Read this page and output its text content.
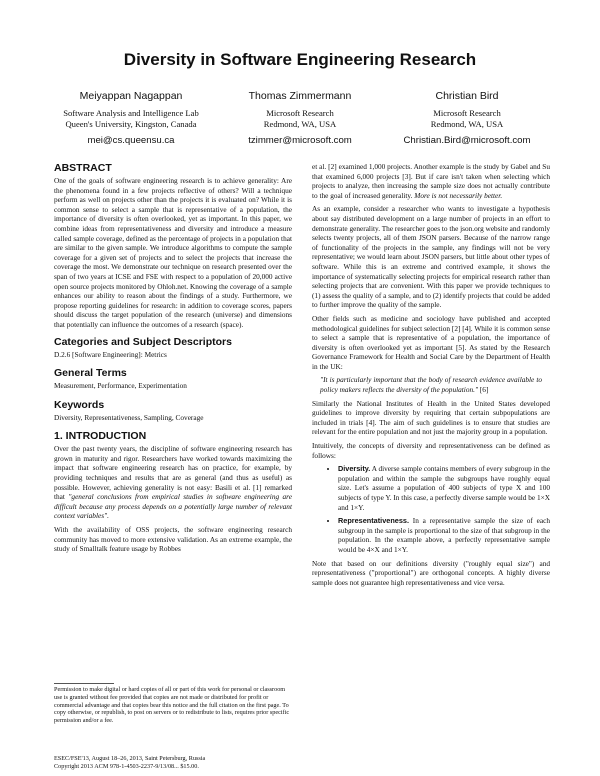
Diversity in Software Engineering Research
Meiyappan Nagappan
Software Analysis and Intelligence Lab
Queen's University, Kingston, Canada
mei@cs.queensu.ca
Thomas Zimmermann
Microsoft Research
Redmond, WA, USA
tzimmer@microsoft.com
Christian Bird
Microsoft Research
Redmond, WA, USA
Christian.Bird@microsoft.com
ABSTRACT

One of the goals of software engineering research is to achieve generality: Are the phenomena found in a few projects reflective of others? Will a technique perform as well on projects other than the projects it is evaluated on? While it is common sense to select a sample that is representative of a population, the importance of diversity is often overlooked, yet as important. In this paper, we combine ideas from representativeness and diversity and introduce a measure called sample coverage, defined as the percentage of projects in a population that are similar to the given sample. We introduce algorithms to compute the sample coverage for a given set of projects and to select the projects that increase the coverage the most. We demonstrate our technique on research presented over the span of two years at ICSE and FSE with respect to a population of 20,000 active open source projects monitored by Ohloh.net. Knowing the coverage of a sample enhances our ability to reason about the findings of a study. Furthermore, we propose reporting guidelines for research: in addition to coverage scores, papers should discuss the target population of the research (universe) and dimensions that potentially can influence the outcomes of a research (space).

Categories and Subject Descriptors

D.2.6 [Software Engineering]: Metrics

General Terms

Measurement, Performance, Experimentation

Keywords

Diversity, Representativeness, Sampling, Coverage

1. INTRODUCTION

Over the past twenty years, the discipline of software engineering research has grown in maturity and rigor. Researchers have worked towards maximizing the impact that software engineering research has on practice, for example, by providing techniques and results that are as general (and thus as useful) as possible. However, achieving generality is not easy: Basili et al. [1] remarked that "general conclusions from empirical studies in software engineering are difficult because any process depends on a potentially large number of relevant context variables".

With the availability of OSS projects, the software engineering research community has moved to more extensive validation. As an extreme example, the study of Smalltalk feature usage by Robbes

Permission to make digital or hard copies of all or part of this work for personal or classroom use is granted without fee provided that copies are not made or distributed for profit or commercial advantage and that copies bear this notice and the full citation on the first page. To copy otherwise, or republish, to post on servers or to redistribute to lists, requires prior specific permission and/or a fee.

ESEC/FSE'13, August 18–26, 2013, Saint Petersburg, Russia

Copyright 2013 ACM 978-1-4503-2237-9/13/08... $15.00.

et al. [2] examined 1,000 projects. Another example is the study by Gabel and Su that examined 6,000 projects [3]. But if care isn't taken when selecting which projects to analyze, then increasing the sample size does not actually contribute to the goal of increased generality. More is not necessarily better.

As an example, consider a researcher who wants to investigate a hypothesis about say distributed development on a large number of projects in an effort to demonstrate generality. The researcher goes to the json.org website and randomly selects twenty projects, all of them JSON parsers. Because of the narrow range of functionality of the projects in the sample, any findings will not be very representative; we would learn about JSON parsers, but little about other types of software. While this is an extreme and contrived example, it shows the importance of systematically selecting projects for empirical research rather than selecting projects that are convenient. With this paper we provide techniques to (1) assess the quality of a sample, and to (2) identify projects that could be added to further improve the quality of the sample.

Other fields such as medicine and sociology have published and accepted methodological guidelines for subject selection [2] [4]. While it is common sense to select a sample that is representative of a population, the importance of diversity is often overlooked yet as important [5]. As stated by the Research Governance Framework for Health and Social Care by the Department of Health in the UK:

"It is particularly important that the body of research evidence available to policy makers reflects the diversity of the population." [6]

Similarly the National Institutes of Health in the United States developed guidelines to improve diversity by requiring that certain subpopulations are included in trials [4]. The aim of such guidelines is to ensure that studies are relevant for the entire population and not just the majority group in a population.

Intuitively, the concepts of diversity and representativeness can be defined as follows:

• Diversity. A diverse sample contains members of every subgroup in the population and within the sample the subgroups have roughly equal size. Let's assume a population of 400 subjects of type X and 100 subjects of type Y. In this case, a perfectly diverse sample would be 1×X and 1×Y.
• Representativeness. In a representative sample the size of each subgroup in the sample is proportional to the size of that subgroup in the population. In the example above, a perfectly representative sample would be 4×X and 1×Y.

Note that based on our definitions diversity ("roughly equal size") and representativeness ("proportional") are orthogonal concepts. A highly diverse sample does not guarantee high representativeness and vice versa.
